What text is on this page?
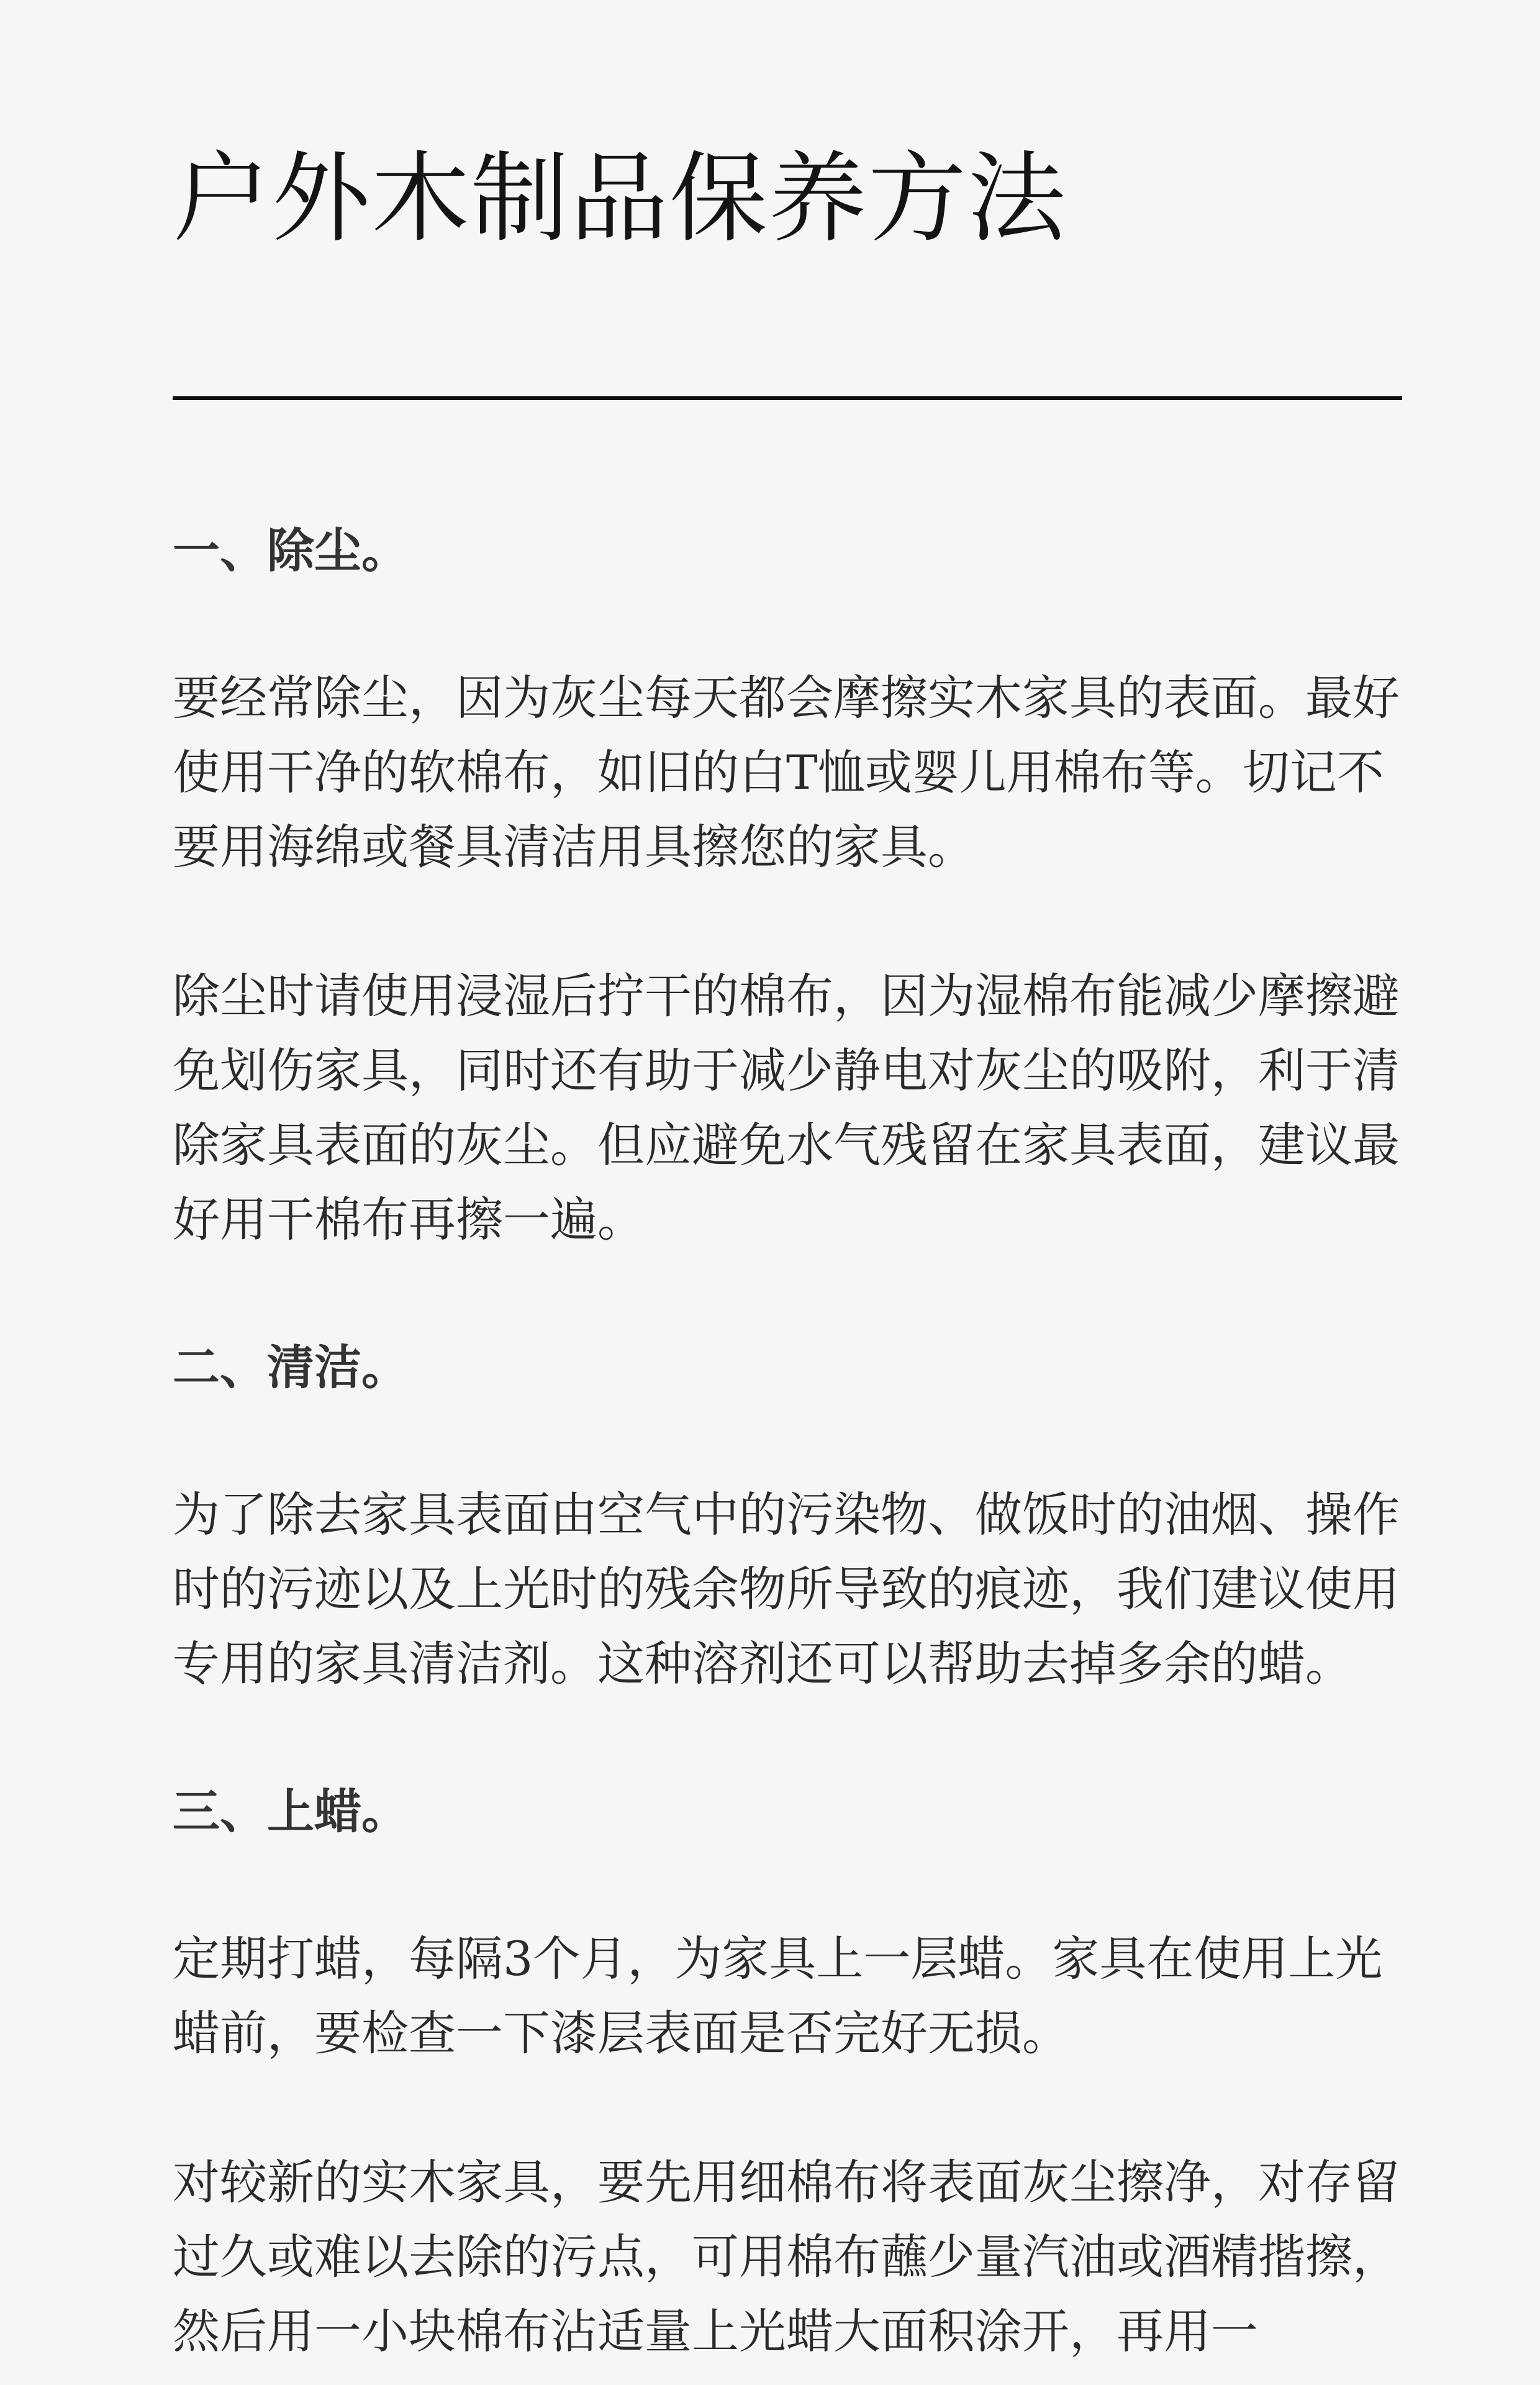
户外木制品保养方法
一、除尘。

要经常除尘，因为灰尘每天都会摩擦实木家具的表面。最好使用干净的软棉布，如旧的白T恤或婴儿用棉布等。切记不要用海绵或餐具清洁用具擦您的家具。

除尘时请使用浸湿后拧干的棉布，因为湿棉布能减少摩擦避免划伤家具，同时还有助于减少静电对灰尘的吸附，利于清除家具表面的灰尘。但应避免水气残留在家具表面，建议最好用干棉布再擦一遍。

二、清洁。

为了除去家具表面由空气中的污染物、做饭时的油烟、操作时的污迹以及上光时的残余物所导致的痕迹，我们建议使用专用的家具清洁剂。这种溶剂还可以帮助去掉多余的蜡。

三、上蜡。

定期打蜡，每隔3个月，为家具上一层蜡。家具在使用上光蜡前，要检查一下漆层表面是否完好无损。

对较新的实木家具，要先用细棉布将表面灰尘擦净，对存留过久或难以去除的污点，可用棉布蘸少量汽油或酒精揩擦，然后用一小块棉布沾适量上光蜡大面积涂开，再用一
